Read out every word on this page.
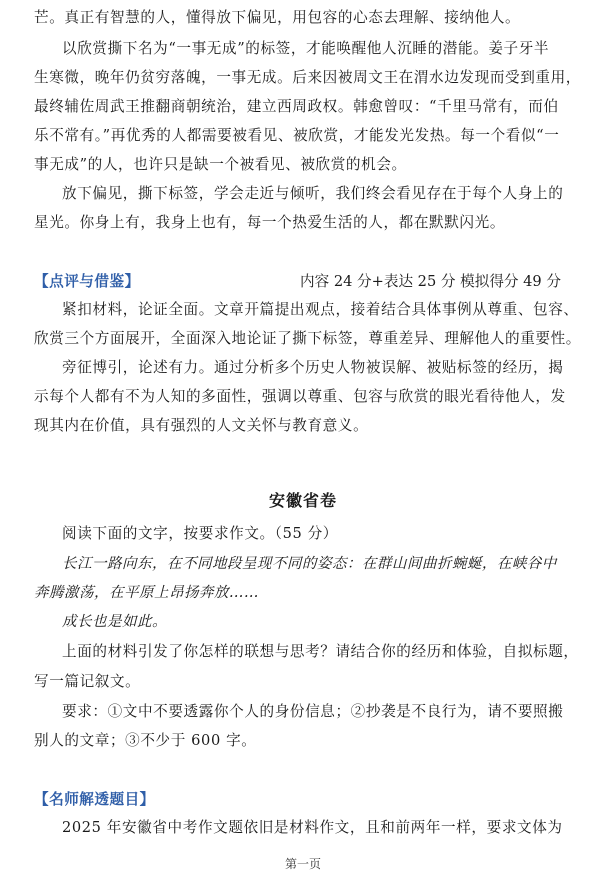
芒。真正有智慧的人，懂得放下偏见，用包容的心态去理解、接纳他人。
以欣赏撕下名为“一事无成”的标签，才能唤醒他人沉睡的潜能。姜子牙半
生寒微，晚年仍贫穷落魄，一事无成。后来因被周文王在渭水边发现而受到重用，
最终辅佐周武王推翻商朝统治，建立西周政权。韩愈曾叹：“千里马常有，而伯
乐不常有。”再优秀的人都需要被看见、被欣赏，才能发光发热。每一个看似“一
事无成”的人，也许只是缺一个被看见、被欣赏的机会。
放下偏见，撕下标签，学会走近与倾听，我们终会看见存在于每个人身上的
星光。你身上有，我身上也有，每一个热爱生活的人，都在默默闪光。
【点评与借鉴】	内容 24 分+表达 25 分 模拟得分 49 分
紧扣材料，论证全面。文章开篇提出观点，接着结合具体事例从尊重、包容、
欣赏三个方面展开，全面深入地论证了撕下标签，尊重差异、理解他人的重要性。
旁征博引，论述有力。通过分析多个历史人物被误解、被贴标签的经历，揭
示每个人都有不为人知的多面性，强调以尊重、包容与欣赏的眼光看待他人，发
现其内在价值，具有强烈的人文关怀与教育意义。
安徽省卷
阅读下面的文字，按要求作文。（55 分）
长江一路向东，在不同地段呈现不同的姿态：在群山间曲折蜿蜒，在峡谷中
奔腾激荡，在平原上昂扬奔放……
成长也是如此。
上面的材料引发了你怎样的联想与思考？请结合你的经历和体验，自拟标题，
写一篇记叙文。
要求：①文中不要透露你个人的身份信息；②抄袭是不良行为，请不要照搬
别人的文章；③不少于 600 字。
【名师解透题目】
2025 年安徽省中考作文题依旧是材料作文，且和前两年一样，要求文体为
第一页
